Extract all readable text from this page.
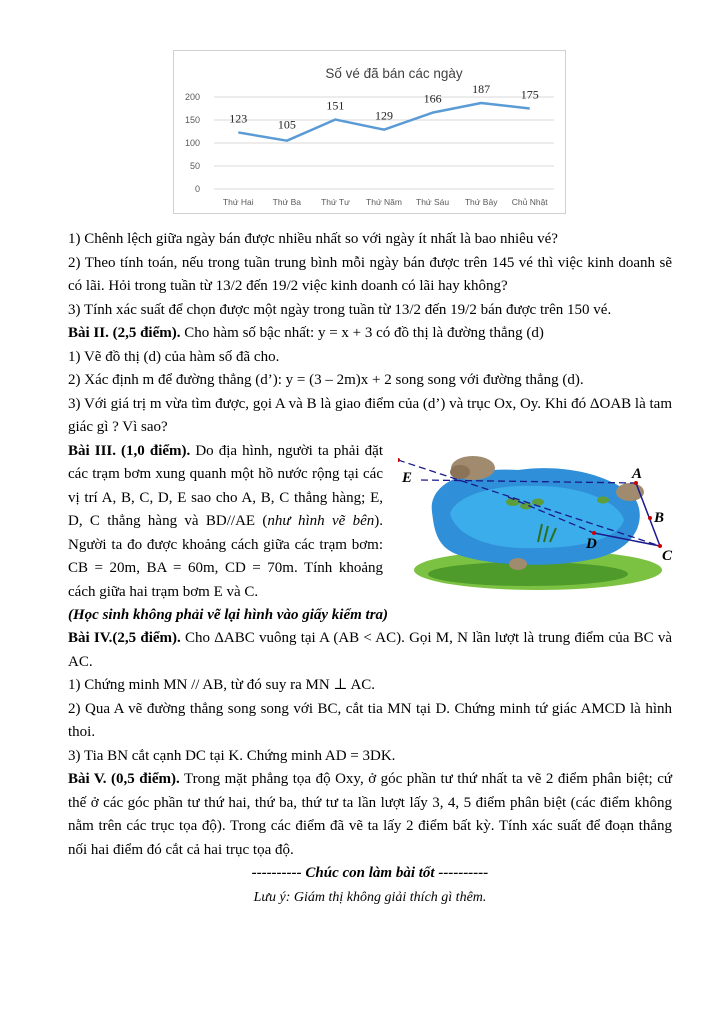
Số vé đã bán các ngày
0
50
100
150
200
Thứ Hai Thứ Ba Thứ Tư Thứ Năm Thứ Sáu Thứ Bảy Chủ Nhật
123	105
151
129
166
187	175

1) Chênh lệch giữa ngày bán được nhiều nhất so với ngày ít nhất là bao nhiêu vé?

2) Theo tính toán, nếu trong tuần trung bình mỗi ngày bán được trên 145 vé thì việc kinh doanh sẽ có lãi. Hỏi trong tuần từ 13/2 đến 19/2 việc kinh doanh có lãi hay không?

3) Tính xác suất để chọn được một ngày trong tuần từ 13/2 đến 19/2 bán được trên 150 vé.

Bài II. (2,5 điểm). Cho hàm số bậc nhất: y = x + 3 có đồ thị là đường thẳng (d)

1) Vẽ đồ thị (d) của hàm số đã cho.

2) Xác định m để đường thẳng (d’): y = (3 – 2m)x + 2 song song với đường thẳng (d).

3) Với giá trị m vừa tìm được, gọi A và B là giao điểm của (d’) và trục Ox, Oy. Khi đó ΔOAB là tam giác gì ? Vì sao?

Bài III. (1,0 điểm). Do địa hình, người ta phải đặt các trạm bơm xung quanh một hồ nước rộng tại các vị trí A, B, C, D, E sao cho A, B, C thẳng hàng; E, D, C thẳng hàng và BD//AE (như hình vẽ bên). Người ta đo được khoảng cách giữa các trạm bơm: CB = 20m, BA = 60m, CD = 70m. Tính khoảng cách giữa hai trạm bơm E và C.

A
B
C
D
E

(Học sinh không phải vẽ lại hình vào giấy kiểm tra)

Bài IV.(2,5 điểm). Cho ΔABC vuông tại A (AB < AC). Gọi M, N lần lượt là trung điểm của BC và AC.

1) Chứng minh MN // AB, từ đó suy ra MN ⊥ AC.

2) Qua A vẽ đường thẳng song song với BC, cắt tia MN tại D. Chứng minh tứ giác AMCD là hình thoi.

3) Tia BN cắt cạnh DC tại K. Chứng minh AD = 3DK.

Bài V. (0,5 điểm). Trong mặt phẳng tọa độ Oxy, ở góc phần tư thứ nhất ta vẽ 2 điểm phân biệt; cứ thế ở các góc phần tư thứ hai, thứ ba, thứ tư ta lần lượt lấy 3, 4, 5 điểm phân biệt (các điểm không nằm trên các trục tọa độ). Trong các điểm đã vẽ ta lấy 2 điểm bất kỳ. Tính xác suất để đoạn thẳng nối hai điểm đó cắt cả hai trục tọa độ.

---------- Chúc con làm bài tốt ----------

Lưu ý: Giám thị không giải thích gì thêm.
